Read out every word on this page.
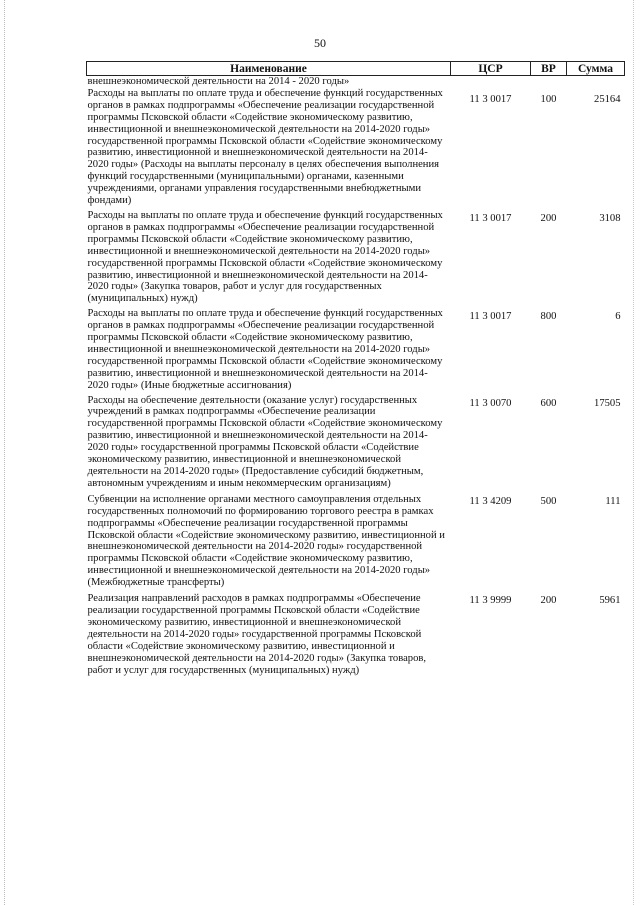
50
Наименование	ЦСР	ВР	Сумма
внешнеэкономической деятельности на 2014 - 2020 годы»			
Расходы на выплаты по оплате труда и обеспечение функций государственных органов в рамках подпрограммы «Обеспечение реализации государственной программы Псковской области «Содействие экономическому развитию, инвестиционной и внешнеэкономической деятельности на 2014-2020 годы» государственной программы Псковской области «Содействие экономическому развитию, инвестиционной и внешнеэкономической деятельности на 2014-2020 годы» (Расходы на выплаты персоналу в целях обеспечения выполнения функций государственными (муниципальными) органами, казенными учреждениями, органами управления государственными внебюджетными фондами)	11 3 0017	100	25164
Расходы на выплаты по оплате труда и обеспечение функций государственных органов в рамках подпрограммы «Обеспечение реализации государственной программы Псковской области «Содействие экономическому развитию, инвестиционной и внешнеэкономической деятельности на 2014-2020 годы» государственной программы Псковской области «Содействие экономическому развитию, инвестиционной и внешнеэкономической деятельности на 2014-2020 годы» (Закупка товаров, работ и услуг для государственных (муниципальных) нужд)	11 3 0017	200	3108
Расходы на выплаты по оплате труда и обеспечение функций государственных органов в рамках подпрограммы «Обеспечение реализации государственной программы Псковской области «Содействие экономическому развитию, инвестиционной и внешнеэкономической деятельности на 2014-2020 годы» государственной программы Псковской области «Содействие экономическому развитию, инвестиционной и внешнеэкономической деятельности на 2014-2020 годы» (Иные бюджетные ассигнования)	11 3 0017	800	6
Расходы на обеспечение деятельности (оказание услуг) государственных учреждений в рамках подпрограммы «Обеспечение реализации государственной программы Псковской области «Содействие экономическому развитию, инвестиционной и внешнеэкономической деятельности на 2014-2020 годы» государственной программы Псковской области «Содействие экономическому развитию, инвестиционной и внешнеэкономической деятельности на 2014-2020 годы» (Предоставление субсидий бюджетным, автономным учреждениям и иным некоммерческим организациям)	11 3 0070	600	17505
Субвенции на исполнение органами местного самоуправления отдельных государственных полномочий по формированию торгового реестра в рамках подпрограммы «Обеспечение реализации государственной программы Псковской области «Содействие экономическому развитию, инвестиционной и внешнеэкономической деятельности на 2014-2020 годы» государственной программы Псковской области «Содействие экономическому развитию, инвестиционной и внешнеэкономической деятельности на 2014-2020 годы» (Межбюджетные трансферты)	11 3 4209	500	111
Реализация направлений расходов в рамках подпрограммы «Обеспечение реализации государственной программы Псковской области «Содействие экономическому развитию, инвестиционной и внешнеэкономической деятельности на 2014-2020 годы» государственной программы Псковской области «Содействие экономическому развитию, инвестиционной и внешнеэкономической деятельности на 2014-2020 годы» (Закупка товаров, работ и услуг для государственных (муниципальных) нужд)	11 3 9999	200	5961
